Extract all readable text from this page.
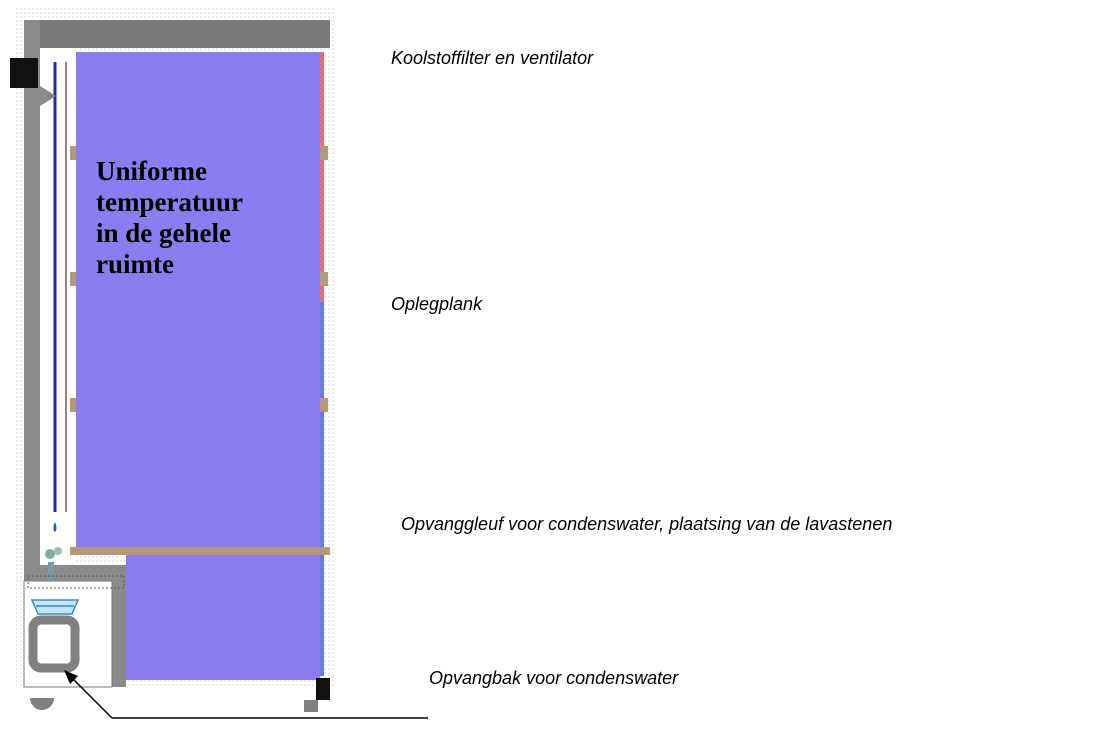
Uniforme
temperatuur
in de gehele
ruimte
Koolstoffilter en ventilator
Oplegplank
Opvanggleuf voor condenswater, plaatsing van de lavastenen
Opvangbak voor condenswater
